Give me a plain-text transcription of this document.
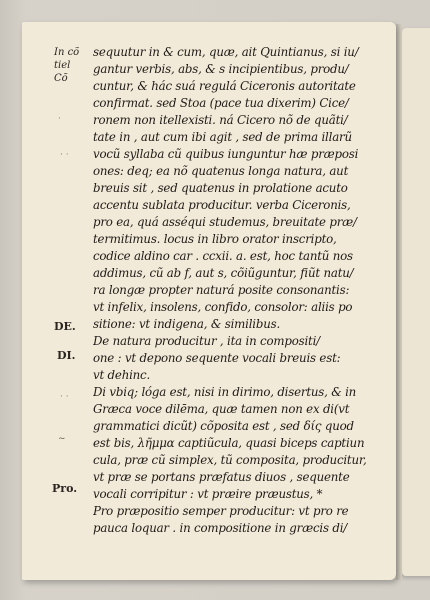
In cõ
tiel
Cõ
DE.
DI.
Pro.
·
· ·
· ·
~
sequutur in & cum, quæ, ait Quintianus, si iu/
gantur verbis, abs, & s incipientibus, produ/
cuntur, & hác suá regulá Ciceronis autoritate
confirmat. sed Stoa (pace tua dixerim) Cice/
ronem non itellexisti. ná Cicero nõ de quãti/
tate in , aut cum ibi agit , sed de prima illarũ
vocũ syllaba cũ quibus iunguntur hæ præposi
ones: deq; ea nõ quatenus longa natura, aut
breuis sit , sed quatenus in prolatione acuto
accentu sublata producitur. verba Ciceronis,
pro ea, quá asséqui studemus, breuitate præ/
termitimus. locus in libro orator inscripto,
codice aldino car . ccxii. a. est, hoc tantũ nos
addimus, cũ ab f, aut s, cõiũguntur, fiũt natu/
ra longæ propter naturá posite consonantis:
vt infelix, insolens, confido, consolor: aliis po
sitione: vt indigena, & similibus.
De natura producitur , ita in compositi/
one : vt depono sequente vocali breuis est:
vt dehinc.
Di vbiq; lóga est, nisi in dirimo, disertus, & in
Græca voce dilēma, quæ tamen non ex di(vt
grammatici dicũt) cõposita est , sed δίς quod
est bis, λῆμμα captiũcula, quasi biceps captiun
cula, præ cũ simplex, tũ composita, producitur,
vt præ se portans præfatus diuos , sequente
vocali corripitur : vt præire præustus, *
Pro præpositio semper producitur: vt pro re
pauca loquar . in compositione in græcis di/
